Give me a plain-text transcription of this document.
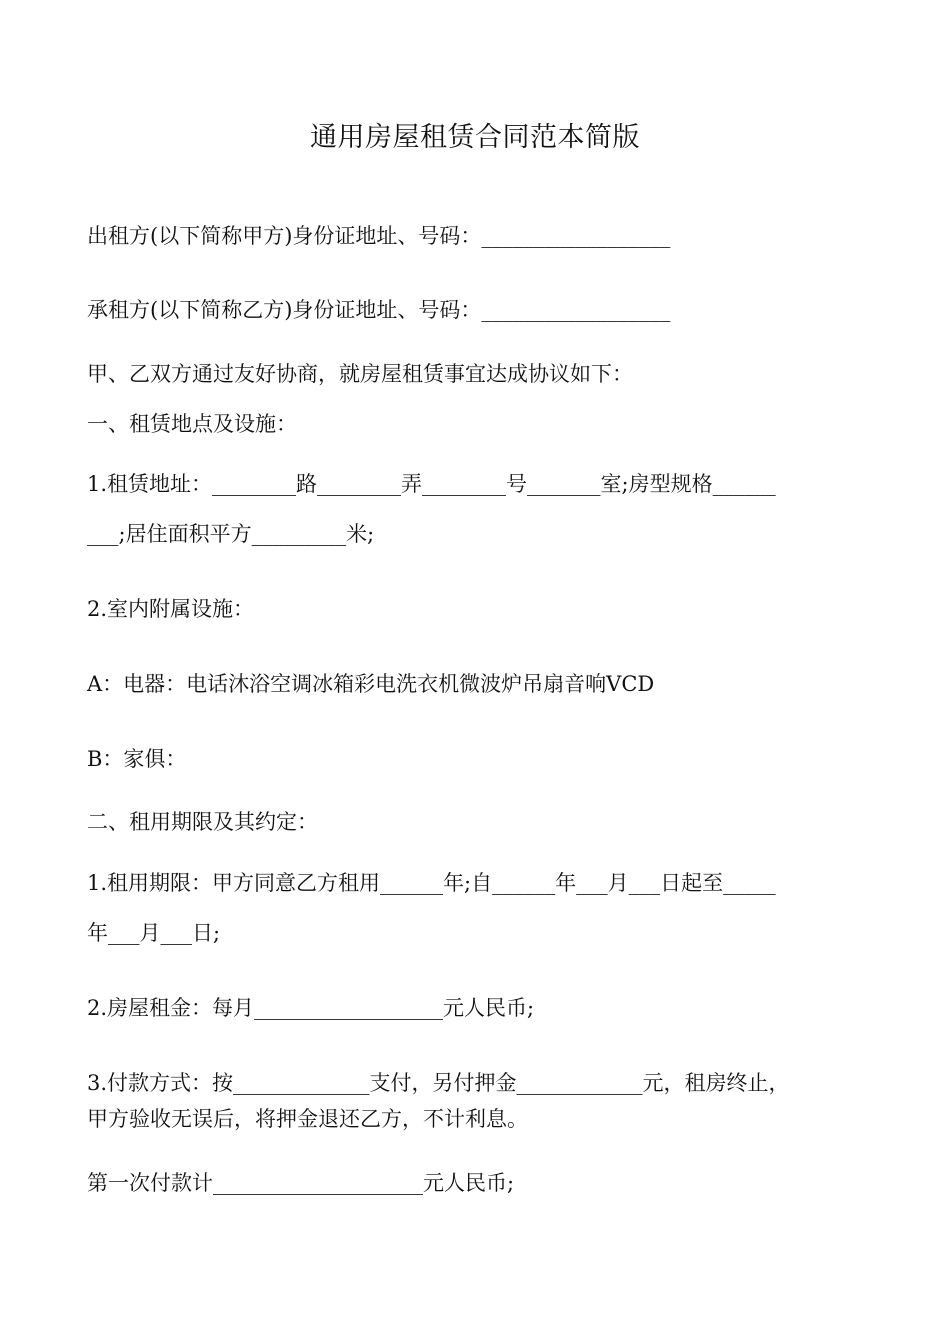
通用房屋租赁合同范本简版
出租方(以下简称甲方)身份证地址、号码：__________________
承租方(以下简称乙方)身份证地址、号码：__________________
甲、乙双方通过友好协商，就房屋租赁事宜达成协议如下：
一、租赁地点及设施：
1.租赁地址：________路________弄________号_______室;房型规格______
___;居住面积平方_________米;
2.室内附属设施：
A：电器：电话沐浴空调冰箱彩电洗衣机微波炉吊扇音响VCD
B：家俱：
二、租用期限及其约定：
1.租用期限：甲方同意乙方租用______年;自______年___月___日起至_____
年___月___日;
2.房屋租金：每月__________________元人民币;
3.付款方式：按_____________支付，另付押金____________元，租房终止，
甲方验收无误后，将押金退还乙方，不计利息。
第一次付款计____________________元人民币;
